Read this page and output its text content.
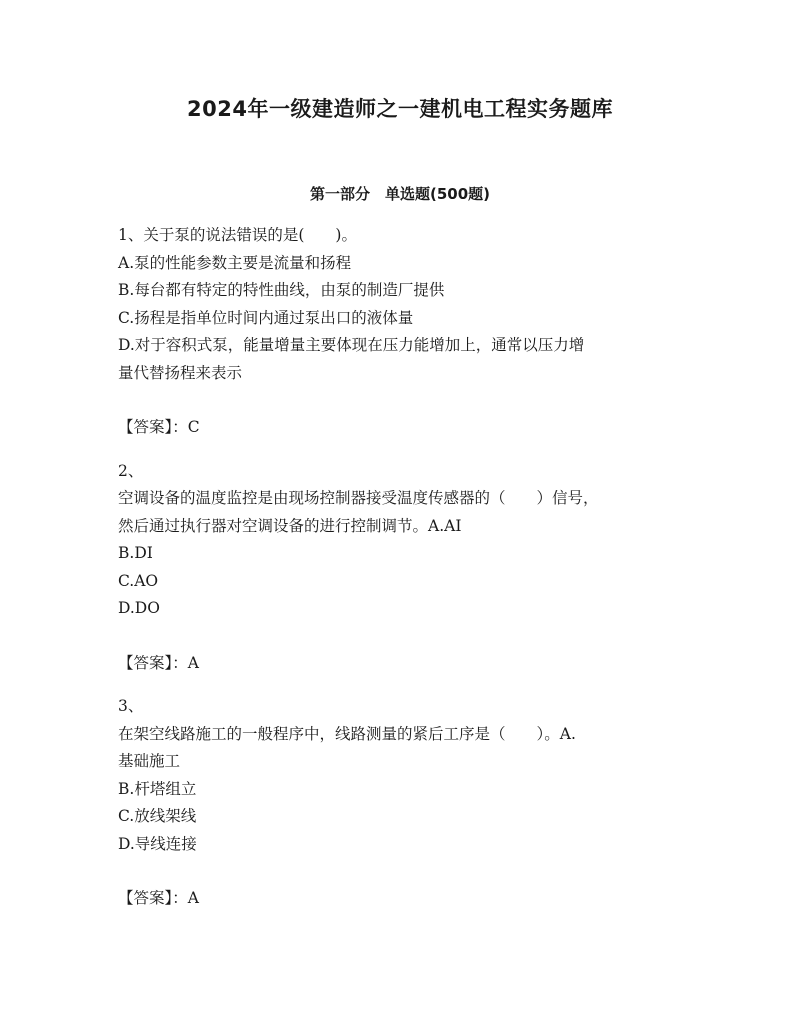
2024年一级建造师之一建机电工程实务题库
第一部分　单选题(500题)
1、关于泵的说法错误的是(　　)。
A.泵的性能参数主要是流量和扬程
B.每台都有特定的特性曲线，由泵的制造厂提供
C.扬程是指单位时间内通过泵出口的液体量
D.对于容积式泵，能量增量主要体现在压力能增加上，通常以压力增
量代替扬程来表示
【答案】：C
2、
空调设备的温度监控是由现场控制器接受温度传感器的（　　）信号，
然后通过执行器对空调设备的进行控制调节。A.AI
B.DI
C.AO
D.DO
【答案】：A
3、
在架空线路施工的一般程序中，线路测量的紧后工序是（　　）。A.
基础施工
B.杆塔组立
C.放线架线
D.导线连接
【答案】：A
